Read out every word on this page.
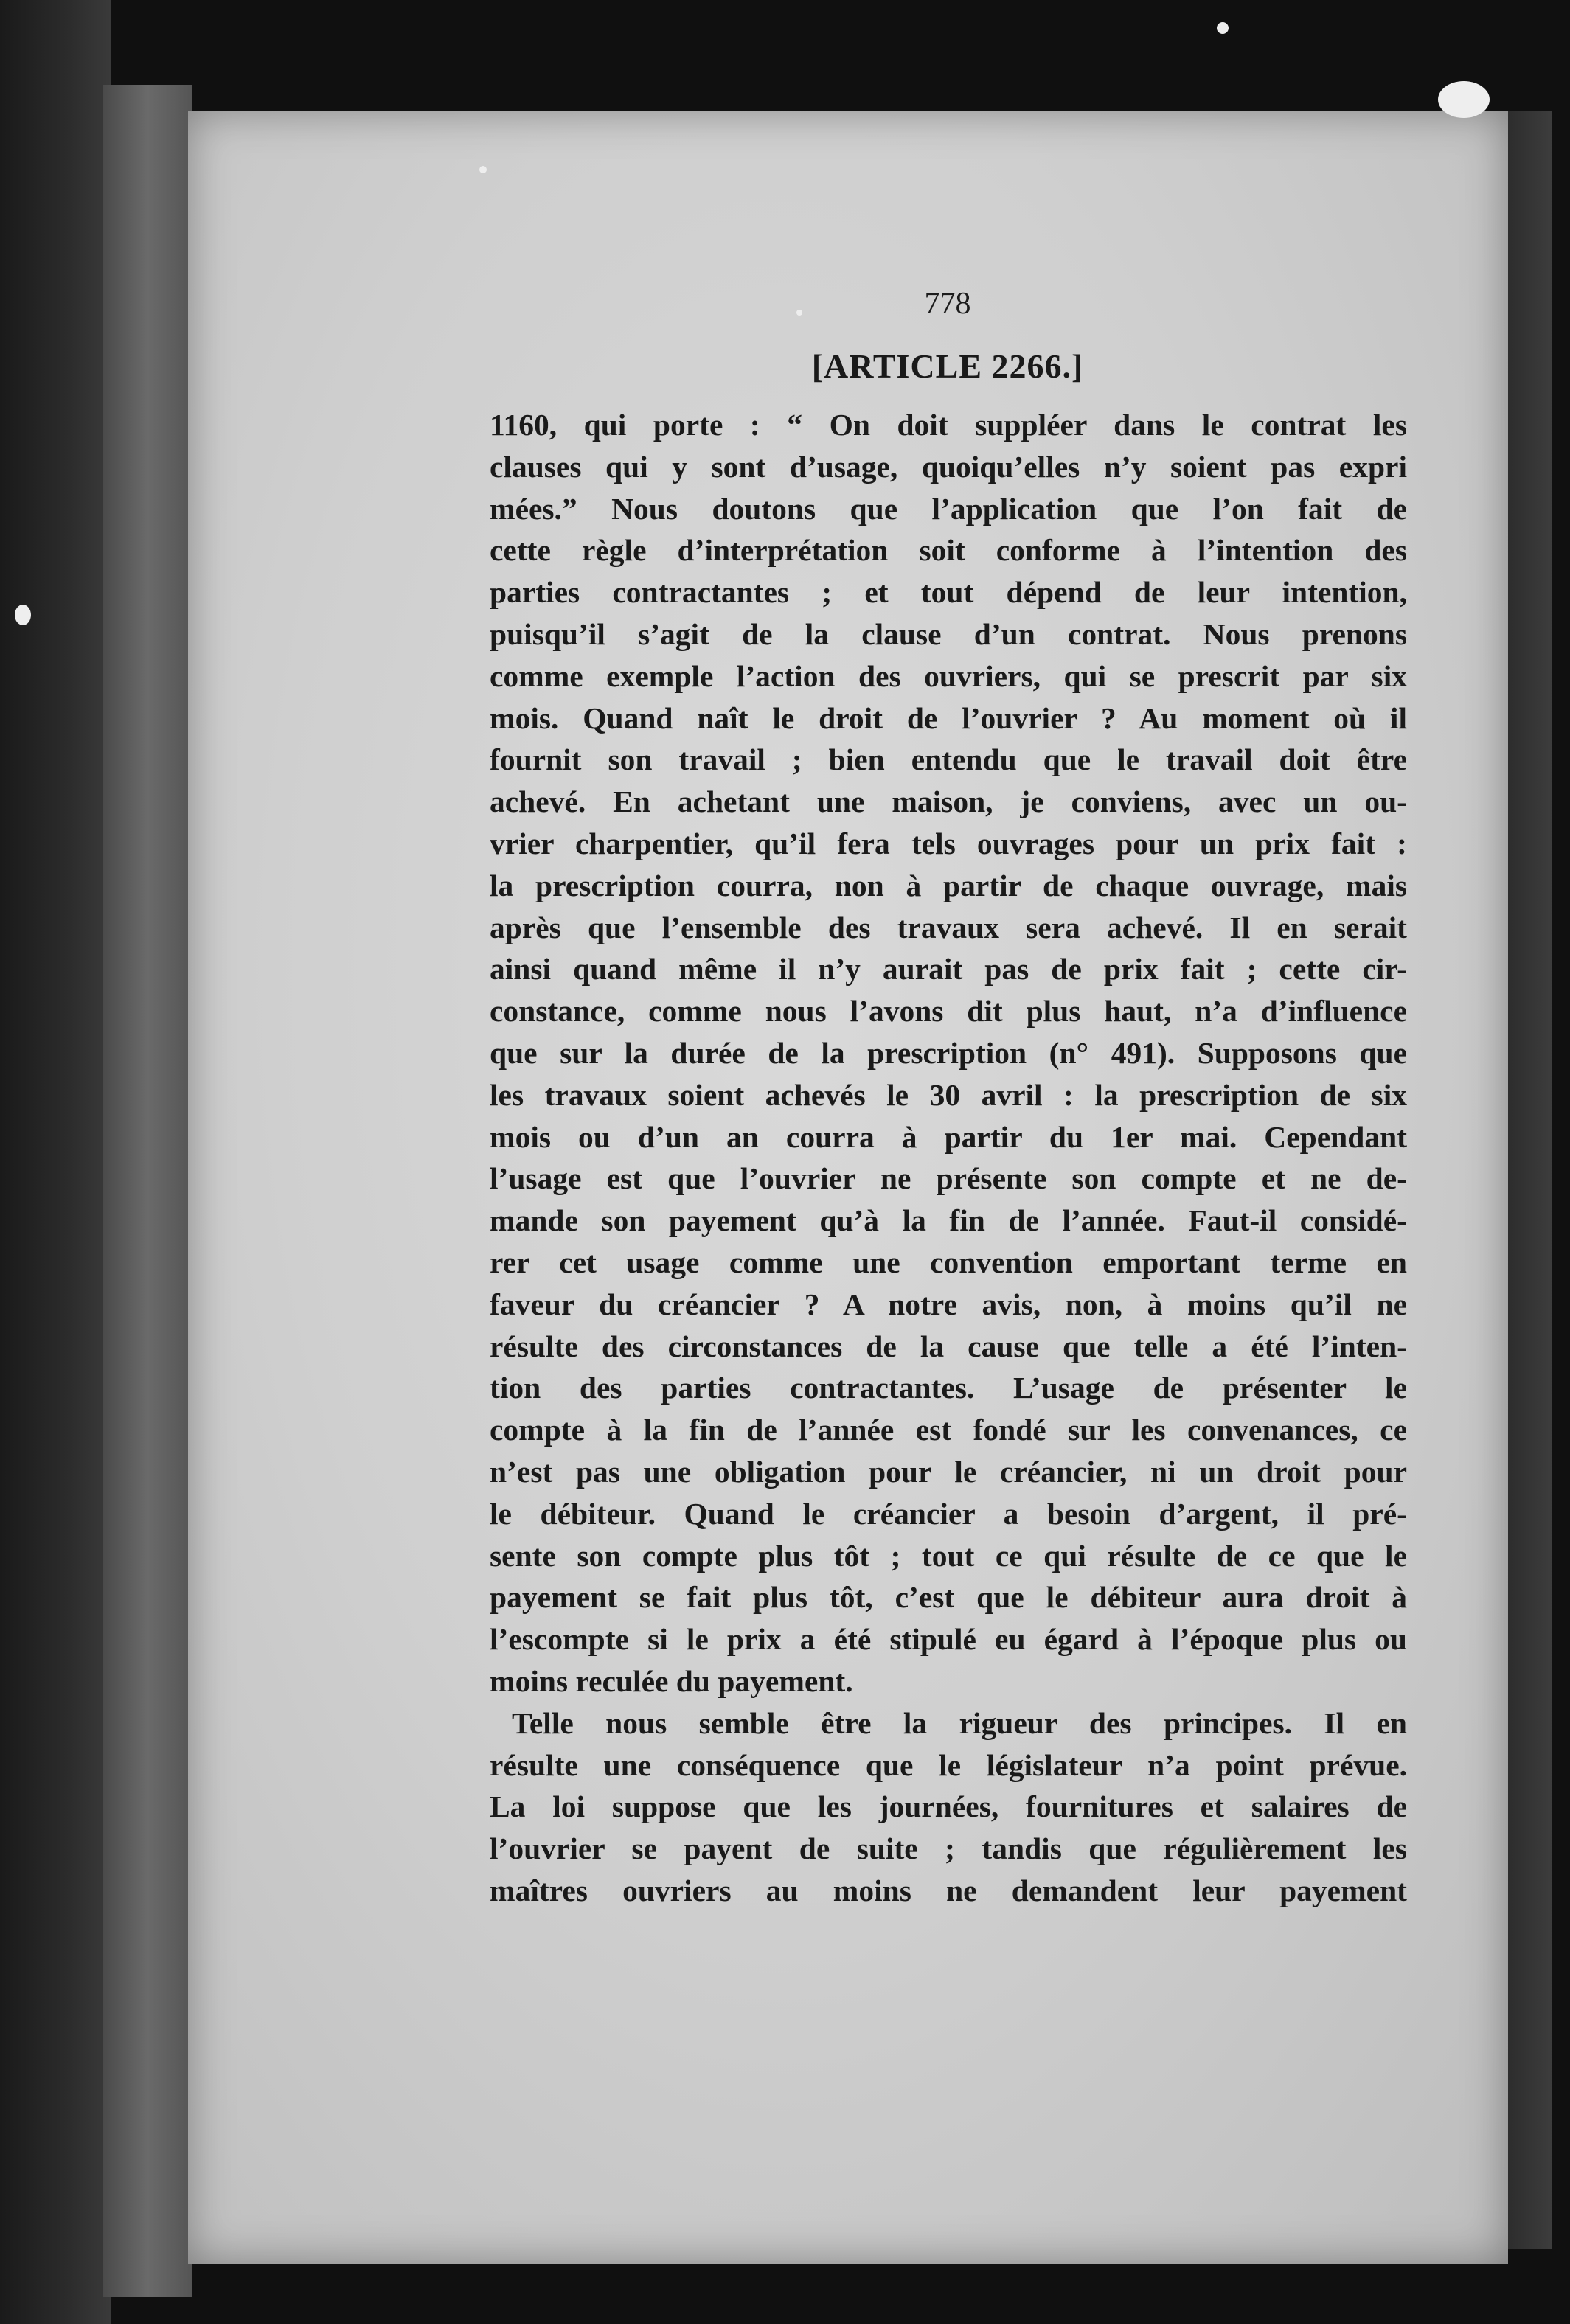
778
[ARTICLE 2266.]
1160, qui porte : “ On doit suppléer dans le contrat les
clauses qui y sont d’usage, quoiqu’elles n’y soient pas expri
mées.” Nous doutons que l’application que l’on fait de
cette règle d’interprétation soit conforme à l’intention des
parties contractantes ; et tout dépend de leur intention,
puisqu’il s’agit de la clause d’un contrat. Nous prenons
comme exemple l’action des ouvriers, qui se prescrit par six
mois. Quand naît le droit de l’ouvrier ? Au moment où il
fournit son travail ; bien entendu que le travail doit être
achevé. En achetant une maison, je conviens, avec un ou-
vrier charpentier, qu’il fera tels ouvrages pour un prix fait :
la prescription courra, non à partir de chaque ouvrage, mais
après que l’ensemble des travaux sera achevé. Il en serait
ainsi quand même il n’y aurait pas de prix fait ; cette cir-
constance, comme nous l’avons dit plus haut, n’a d’influence
que sur la durée de la prescription (n° 491). Supposons que
les travaux soient achevés le 30 avril : la prescription de six
mois ou d’un an courra à partir du 1er mai. Cependant
l’usage est que l’ouvrier ne présente son compte et ne de-
mande son payement qu’à la fin de l’année. Faut-il considé-
rer cet usage comme une convention emportant terme en
faveur du créancier ? A notre avis, non, à moins qu’il ne
résulte des circonstances de la cause que telle a été l’inten-
tion des parties contractantes. L’usage de présenter le
compte à la fin de l’année est fondé sur les convenances, ce
n’est pas une obligation pour le créancier, ni un droit pour
le débiteur. Quand le créancier a besoin d’argent, il pré-
sente son compte plus tôt ; tout ce qui résulte de ce que le
payement se fait plus tôt, c’est que le débiteur aura droit à
l’escompte si le prix a été stipulé eu égard à l’époque plus ou
moins reculée du payement.
Telle nous semble être la rigueur des principes. Il en
résulte une conséquence que le législateur n’a point prévue.
La loi suppose que les journées, fournitures et salaires de
l’ouvrier se payent de suite ; tandis que régulièrement les
maîtres ouvriers au moins ne demandent leur payement
